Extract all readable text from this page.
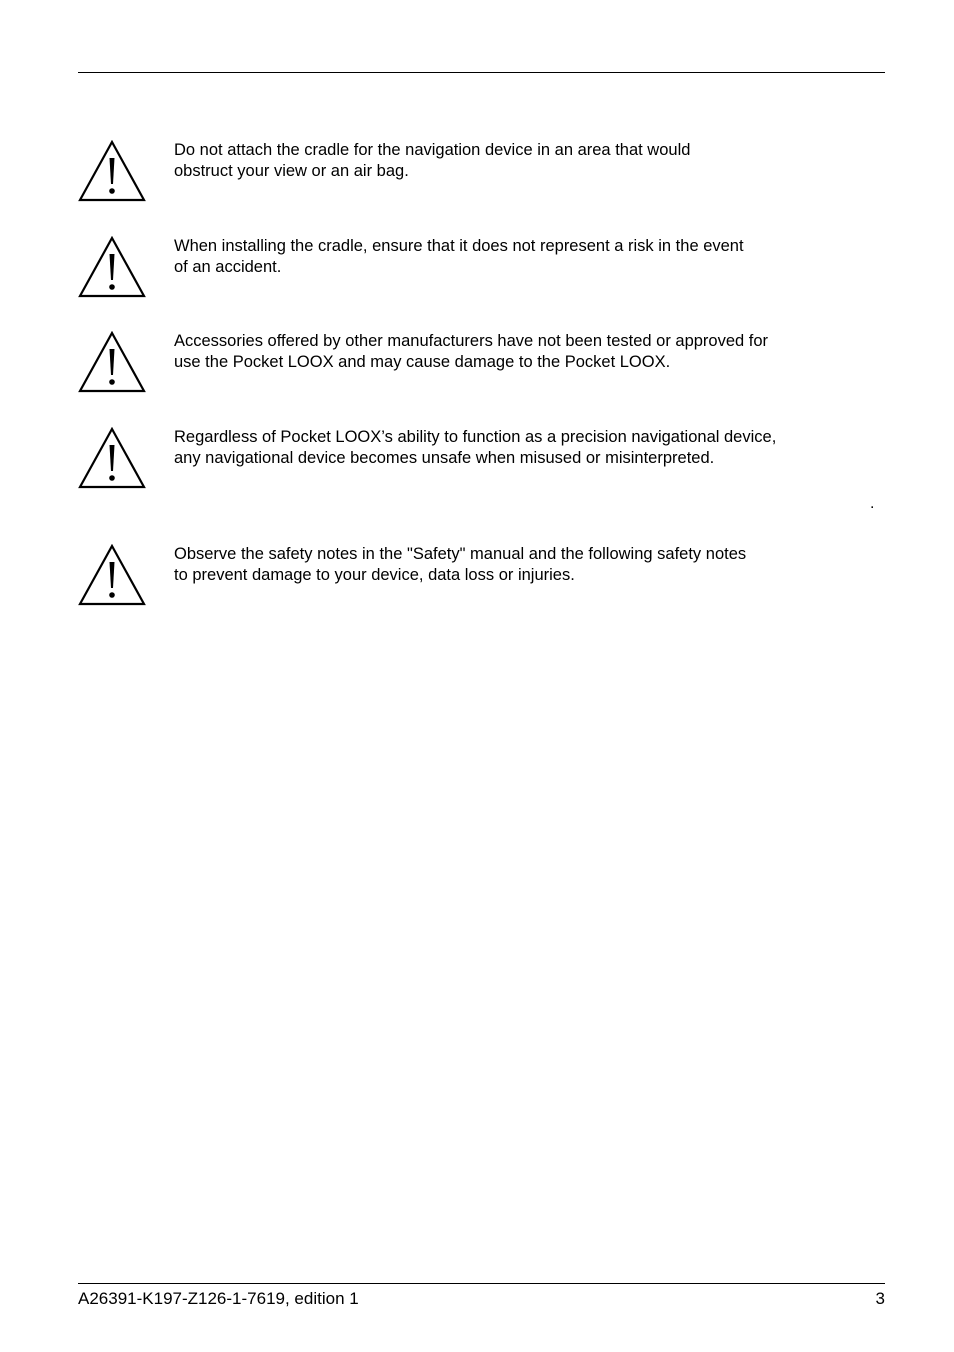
Do not attach the cradle for the navigation device in an area that would
obstruct your view or an air bag.
When installing the cradle, ensure that it does not represent a risk in the event
of an accident.
Accessories offered by other manufacturers have not been tested or approved for
use the Pocket LOOX and may cause damage to the Pocket LOOX.
Regardless of Pocket LOOX’s ability to function as a precision navigational device,
any navigational device becomes unsafe when misused or misinterpreted.
.
Observe the safety notes in the "Safety" manual and the following safety notes
to prevent damage to your device, data loss or injuries.
A26391-K197-Z126-1-7619, edition 1	3
